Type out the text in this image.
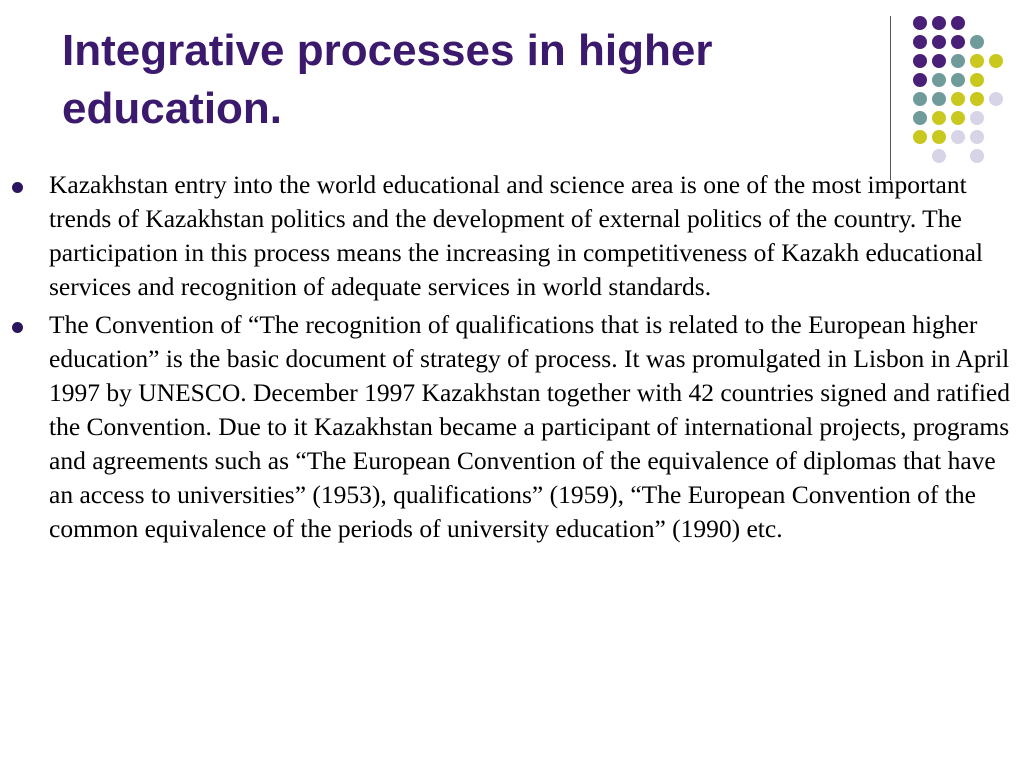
Integrative processes in higher education.
Kazakhstan entry into the world educational and science area is one of the most important trends of Kazakhstan politics and the development of external politics of the country. The participation in this process means the increasing in competitiveness of Kazakh educational services and recognition of adequate services in world standards.
The Convention of “The recognition of qualifications that is related to the European higher education” is the basic document of strategy of process. It was promulgated in Lisbon in April 1997 by UNESCO. December 1997 Kazakhstan together with 42 countries signed and ratified the Convention. Due to it Kazakhstan became a participant of international projects, programs and agreements such as “The European Convention of the equivalence of diplomas that have an access to universities” (1953), qualifications” (1959), “The European Convention of the common equivalence of the periods of university education” (1990) etc.
